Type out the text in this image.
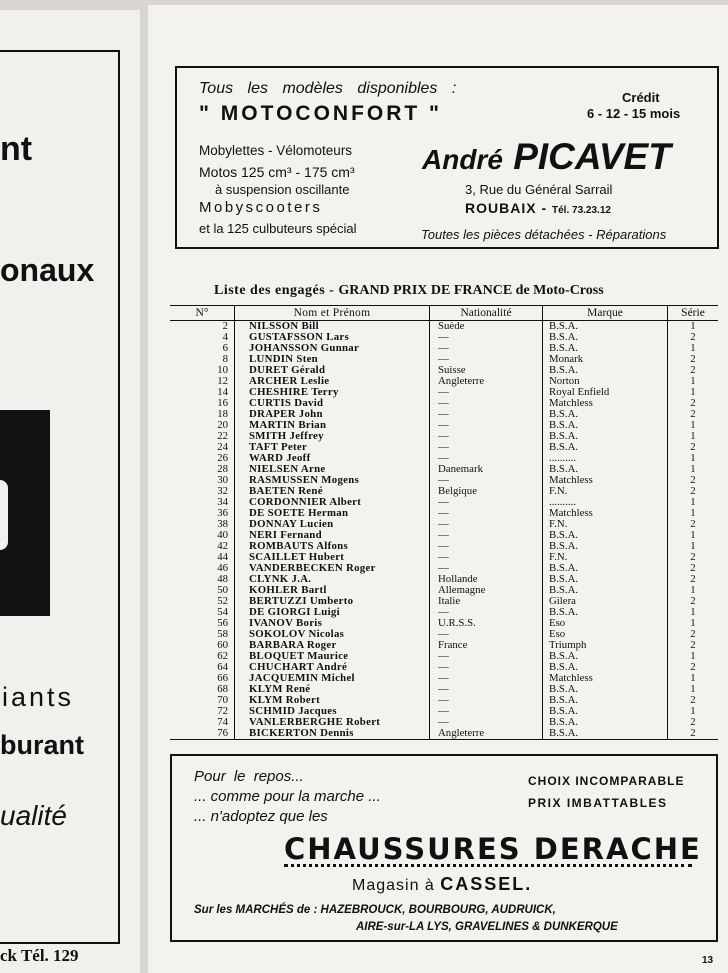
nt
onaux
iants
burant
ualité
ck Tél. 129
Tous les modèles disponibles :
" MOTOCONFORT "
Crédit
6 - 12 - 15 mois
Mobylettes - Vélomoteurs
Motos 125 cm³ - 175 cm³
à suspension oscillante
Mobyscooters
et la 125 culbuteurs spécial
André PICAVET
3, Rue du Général Sarrail
ROUBAIX - Tél. 73.23.12
Toutes les pièces détachées - Réparations
Liste des engagés - GRAND PRIX DE FRANCE de Moto-Cross
N°	Nom et Prénom	Nationalité	Marque	Série
2	NILSSON Bill	Suède	B.S.A.	1
4	GUSTAFSSON Lars	—	B.S.A.	2
6	JOHANSSON Gunnar	—	B.S.A.	1
8	LUNDIN Sten	—	Monark	2
10	DURET Gérald	Suisse	B.S.A.	2
12	ARCHER Leslie	Angleterre	Norton	1
14	CHESHIRE Terry	—	Royal Enfield	1
16	CURTIS David	—	Matchless	2
18	DRAPER John	—	B.S.A.	2
20	MARTIN Brian	—	B.S.A.	1
22	SMITH Jeffrey	—	B.S.A.	1
24	TAFT Peter	—	B.S.A.	2
26	WARD Jeoff	—	..........	1
28	NIELSEN Arne	Danemark	B.S.A.	1
30	RASMUSSEN Mogens	—	Matchless	2
32	BAETEN René	Belgique	F.N.	2
34	CORDONNIER Albert	—	..........	1
36	DE SOETE Herman	—	Matchless	1
38	DONNAY Lucien	—	F.N.	2
40	NERI Fernand	—	B.S.A.	1
42	ROMBAUTS Alfons	—	B.S.A.	1
44	SCAILLET Hubert	—	F.N.	2
46	VANDERBECKEN Roger	—	B.S.A.	2
48	CLYNK J.A.	Hollande	B.S.A.	2
50	KOHLER Bartl	Allemagne	B.S.A.	1
52	BERTUZZI Umberto	Italie	Gilera	2
54	DE GIORGI Luigi	—	B.S.A.	1
56	IVANOV Boris	U.R.S.S.	Eso	1
58	SOKOLOV Nicolas	—	Eso	2
60	BARBARA Roger	France	Triumph	2
62	BLOQUET Maurice	—	B.S.A.	1
64	CHUCHART André	—	B.S.A.	2
66	JACQUEMIN Michel	—	Matchless	1
68	KLYM René	—	B.S.A.	1
70	KLYM Robert	—	B.S.A.	2
72	SCHMID Jacques	—	B.S.A.	1
74	VANLERBERGHE Robert	—	B.S.A.	2
76	BICKERTON Dennis	Angleterre	B.S.A.	2
Pour le repos...
... comme pour la marche ...
... n'adoptez que les
CHOIX INCOMPARABLE
PRIX IMBATTABLES
CHAUSSURES DERACHE
Magasin à CASSEL.
Sur les MARCHÉS de : HAZEBROUCK, BOURBOURG, AUDRUICK,
AIRE-sur-LA LYS, GRAVELINES & DUNKERQUE
13
